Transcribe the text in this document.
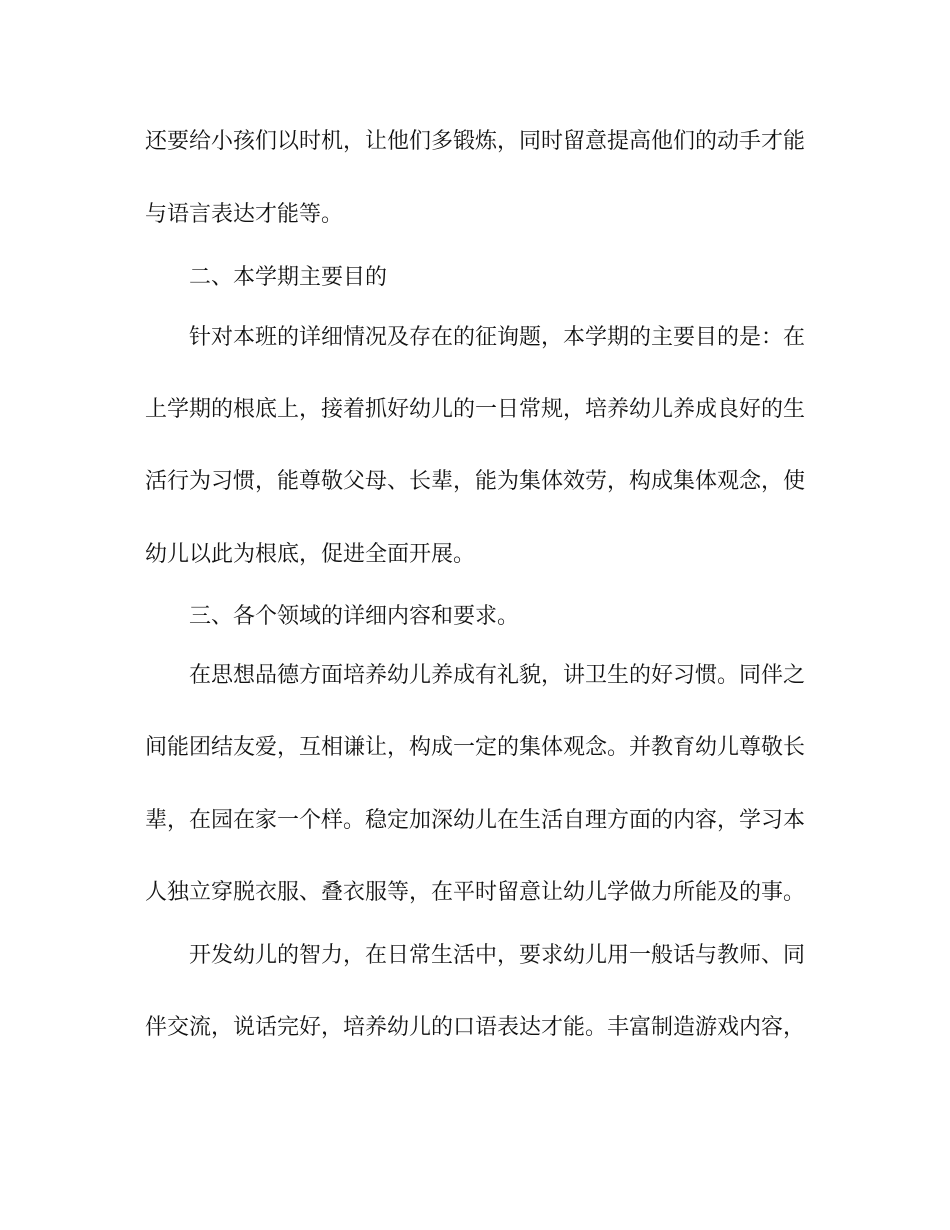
还要给小孩们以时机，让他们多锻炼，同时留意提高他们的动手才能
与语言表达才能等。
二、本学期主要目的
针对本班的详细情况及存在的征询题，本学期的主要目的是：在
上学期的根底上，接着抓好幼儿的一日常规，培养幼儿养成良好的生
活行为习惯，能尊敬父母、长辈，能为集体效劳，构成集体观念，使
幼儿以此为根底，促进全面开展。
三、各个领域的详细内容和要求。
在思想品德方面培养幼儿养成有礼貌，讲卫生的好习惯。同伴之
间能团结友爱，互相谦让，构成一定的集体观念。并教育幼儿尊敬长
辈，在园在家一个样。稳定加深幼儿在生活自理方面的内容，学习本
人独立穿脱衣服、叠衣服等，在平时留意让幼儿学做力所能及的事。
开发幼儿的智力，在日常生活中，要求幼儿用一般话与教师、同
伴交流，说话完好，培养幼儿的口语表达才能。丰富制造游戏内容，
